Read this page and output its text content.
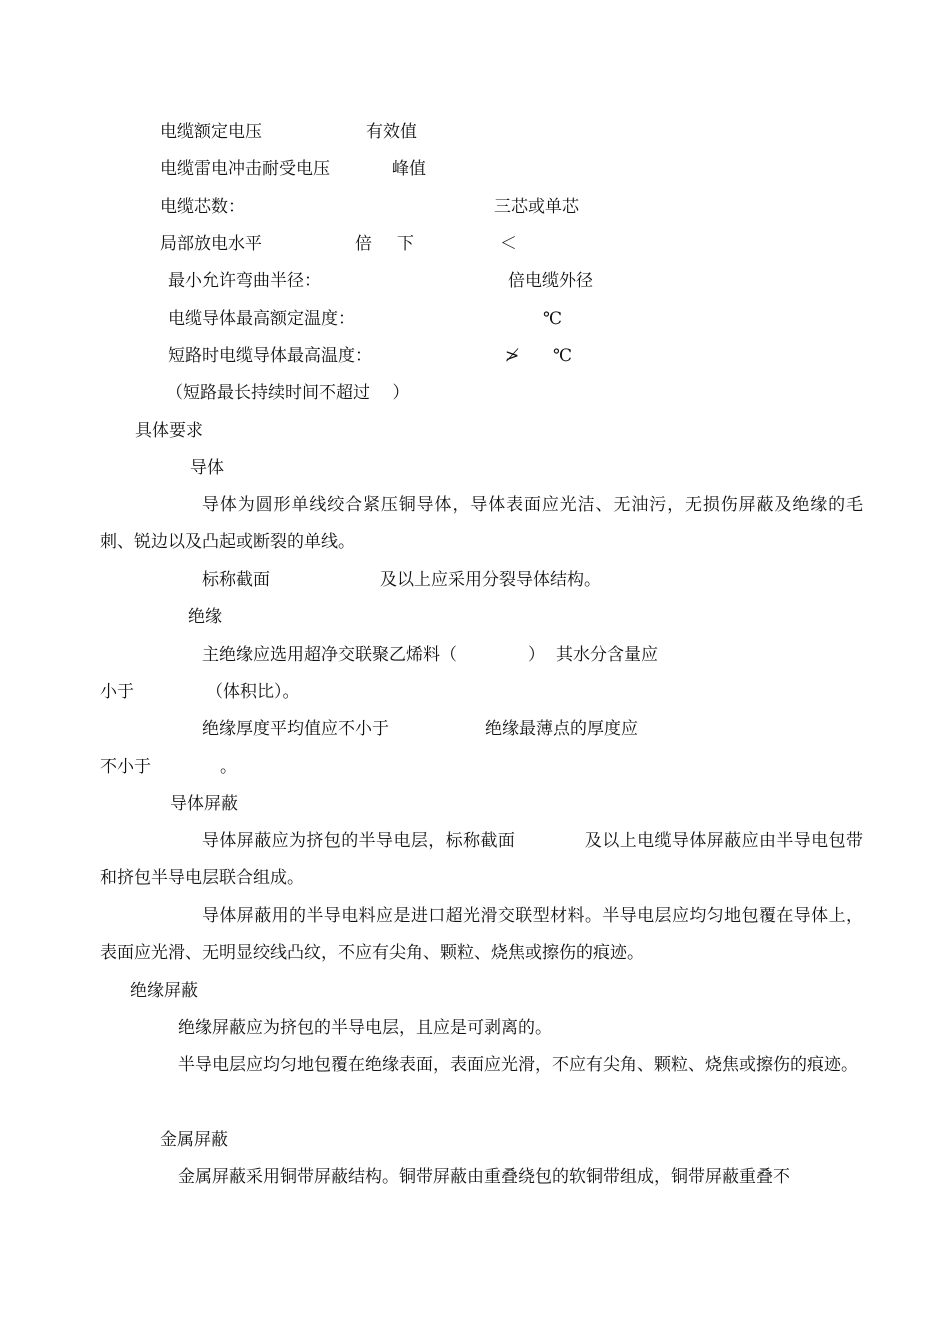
电缆额定电压	有效值
电缆雷电冲击耐受电压	峰值
电缆芯数：	三芯或单芯
局部放电水平	倍 下	＜
最小允许弯曲半径：	倍电缆外径
电缆导体最高额定温度：	℃
短路时电缆导体最高温度：	≯ ℃
（短路最长持续时间不超过　 ）
具体要求
导体
导体为圆形单线绞合紧压铜导体，导体表面应光洁、无油污，无损伤屏蔽及绝缘的毛刺、锐边以及凸起或断裂的单线。
标称截面	及以上应采用分裂导体结构。
绝缘
主绝缘应选用超净交联聚乙烯料（	） 其水分含量应
小于	（体积比）。
绝缘厚度平均值应不小于	绝缘最薄点的厚度应
不小于	。
导体屏蔽
导体屏蔽应为挤包的半导电层，标称截面　　　　及以上电缆导体屏蔽应由半导电包带和挤包半导电层联合组成。
导体屏蔽用的半导电料应是进口超光滑交联型材料。半导电层应均匀地包覆在导体上，表面应光滑、无明显绞线凸纹，不应有尖角、颗粒、烧焦或擦伤的痕迹。
绝缘屏蔽
绝缘屏蔽应为挤包的半导电层，且应是可剥离的。
半导电层应均匀地包覆在绝缘表面，表面应光滑，不应有尖角、颗粒、烧焦或擦伤的痕迹。
金属屏蔽
金属屏蔽采用铜带屏蔽结构。铜带屏蔽由重叠绕包的软铜带组成，铜带屏蔽重叠不
